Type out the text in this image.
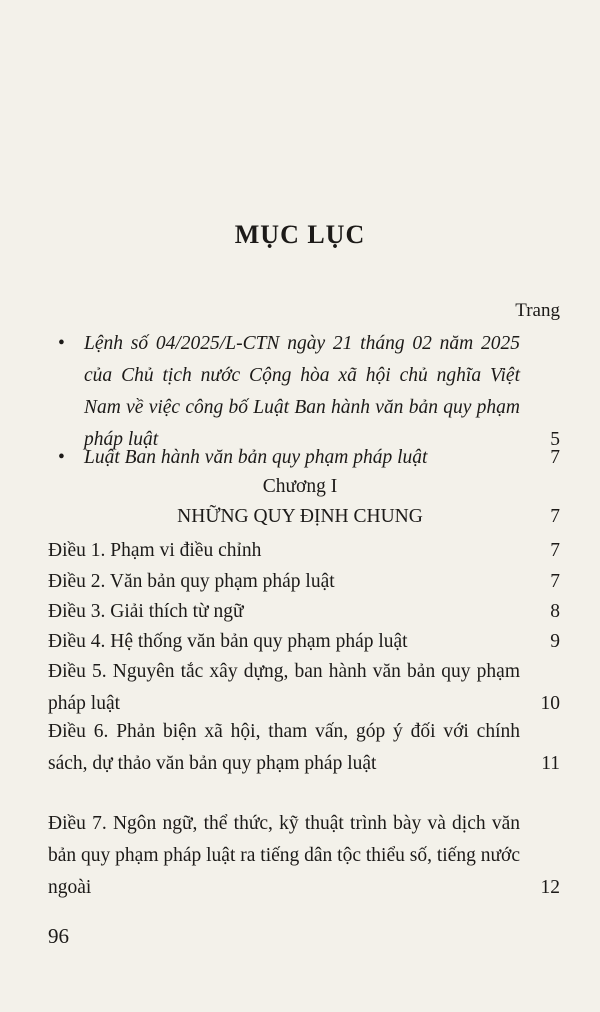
MỤC LỤC
Trang
• Lệnh số 04/2025/L-CTN ngày 21 tháng 02 năm 2025 của Chủ tịch nước Cộng hòa xã hội chủ nghĩa Việt Nam về việc công bố Luật Ban hành văn bản quy phạm pháp luật	5
• Luật Ban hành văn bản quy phạm pháp luật	7
Chương I
NHỮNG QUY ĐỊNH CHUNG	7
Điều 1. Phạm vi điều chỉnh	7
Điều 2. Văn bản quy phạm pháp luật	7
Điều 3. Giải thích từ ngữ	8
Điều 4. Hệ thống văn bản quy phạm pháp luật	9
Điều 5. Nguyên tắc xây dựng, ban hành văn bản quy phạm pháp luật	10
Điều 6. Phản biện xã hội, tham vấn, góp ý đối với chính sách, dự thảo văn bản quy phạm pháp luật	11
Điều 7. Ngôn ngữ, thể thức, kỹ thuật trình bày và dịch văn bản quy phạm pháp luật ra tiếng dân tộc thiểu số, tiếng nước ngoài	12
96
